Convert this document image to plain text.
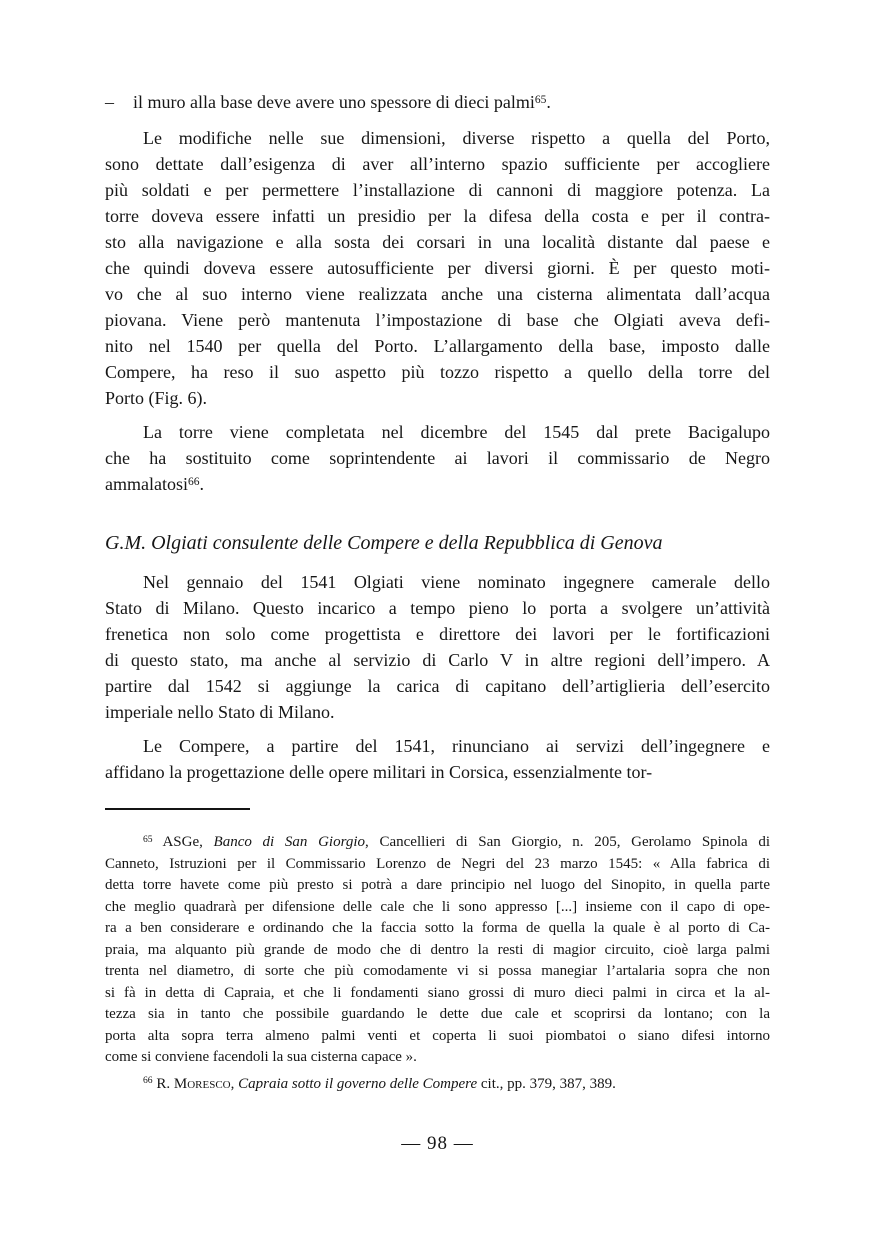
– il muro alla base deve avere uno spessore di dieci palmi$^{65}$.
Le modifiche nelle sue dimensioni, diverse rispetto a quella del Porto,
sono dettate dall’esigenza di aver all’interno spazio sufficiente per accogliere
più soldati e per permettere l’installazione di cannoni di maggiore potenza. La
torre doveva essere infatti un presidio per la difesa della costa e per il contra-
sto alla navigazione e alla sosta dei corsari in una località distante dal paese e
che quindi doveva essere autosufficiente per diversi giorni. È per questo moti-
vo che al suo interno viene realizzata anche una cisterna alimentata dall’acqua
piovana. Viene però mantenuta l’impostazione di base che Olgiati aveva defi-
nito nel 1540 per quella del Porto. L’allargamento della base, imposto dalle
Compere, ha reso il suo aspetto più tozzo rispetto a quello della torre del
Porto (Fig. 6).
La torre viene completata nel dicembre del 1545 dal prete Bacigalupo
che ha sostituito come soprintendente ai lavori il commissario de Negro
ammalatosi$^{66}$.
G.M. Olgiati consulente delle Compere e della Repubblica di Genova
Nel gennaio del 1541 Olgiati viene nominato ingegnere camerale dello
Stato di Milano. Questo incarico a tempo pieno lo porta a svolgere un’attività
frenetica non solo come progettista e direttore dei lavori per le fortificazioni
di questo stato, ma anche al servizio di Carlo V in altre regioni dell’impero. A
partire dal 1542 si aggiunge la carica di capitano dell’artiglieria dell’esercito
imperiale nello Stato di Milano.
Le Compere, a partire del 1541, rinunciano ai servizi dell’ingegnere e
affidano la progettazione delle opere militari in Corsica, essenzialmente tor-
$^{65}$ ASGe, Banco di San Giorgio, Cancellieri di San Giorgio, n. 205, Gerolamo Spinola di
Canneto, Istruzioni per il Commissario Lorenzo de Negri del 23 marzo 1545: « Alla fabrica di
detta torre havete come più presto si potrà a dare principio nel luogo del Sinopito, in quella parte
che meglio quadrarà per difensione delle cale che li sono appresso [...] insieme con il capo di ope-
ra a ben considerare e ordinando che la faccia sotto la forma de quella la quale è al porto di Ca-
praia, ma alquanto più grande de modo che di dentro la resti di magior circuito, cioè larga palmi
trenta nel diametro, di sorte che più comodamente vi si possa manegiar l’artalaria sopra che non
si fà in detta di Capraia, et che li fondamenti siano grossi di muro dieci palmi in circa et la al-
tezza sia in tanto che possibile guardando le dette due cale et scoprirsi da lontano; con la
porta alta sopra terra almeno palmi venti et coperta li suoi piombatoi o siano difesi intorno
come si conviene facendoli la sua cisterna capace ».
$^{66}$ R. Moresco, Capraia sotto il governo delle Compere cit., pp. 379, 387, 389.
— 98 —
